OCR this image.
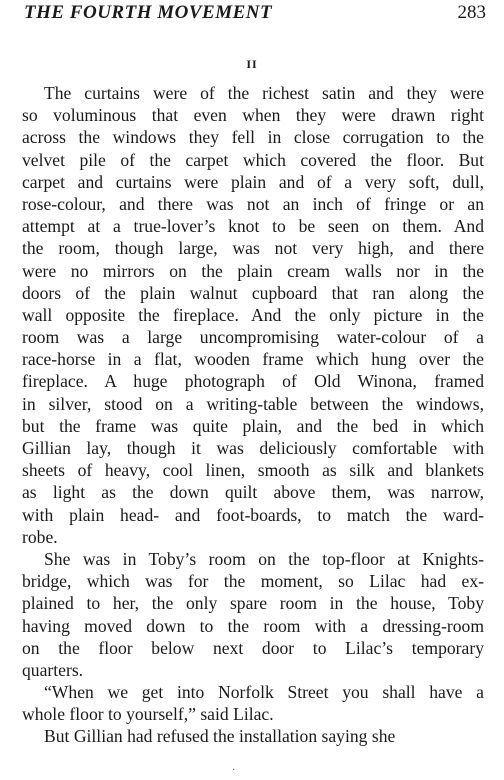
THE FOURTH MOVEMENT	283
II
The curtains were of the richest satin and they were
so voluminous that even when they were drawn right
across the windows they fell in close corrugation to the
velvet pile of the carpet which covered the floor. But
carpet and curtains were plain and of a very soft, dull,
rose-colour, and there was not an inch of fringe or an
attempt at a true-lover’s knot to be seen on them. And
the room, though large, was not very high, and there
were no mirrors on the plain cream walls nor in the
doors of the plain walnut cupboard that ran along the
wall opposite the fireplace. And the only picture in the
room was a large uncompromising water-colour of a
race-horse in a flat, wooden frame which hung over the
fireplace. A huge photograph of Old Winona, framed
in silver, stood on a writing-table between the windows,
but the frame was quite plain, and the bed in which
Gillian lay, though it was deliciously comfortable with
sheets of heavy, cool linen, smooth as silk and blankets
as light as the down quilt above them, was narrow,
with plain head- and foot-boards, to match the ward-
robe.
She was in Toby’s room on the top-floor at Knights-
bridge, which was for the moment, so Lilac had ex-
plained to her, the only spare room in the house, Toby
having moved down to the room with a dressing-room
on the floor below next door to Lilac’s temporary
quarters.
“When we get into Norfolk Street you shall have a
whole floor to yourself,” said Lilac.
But Gillian had refused the installation saying she
·
